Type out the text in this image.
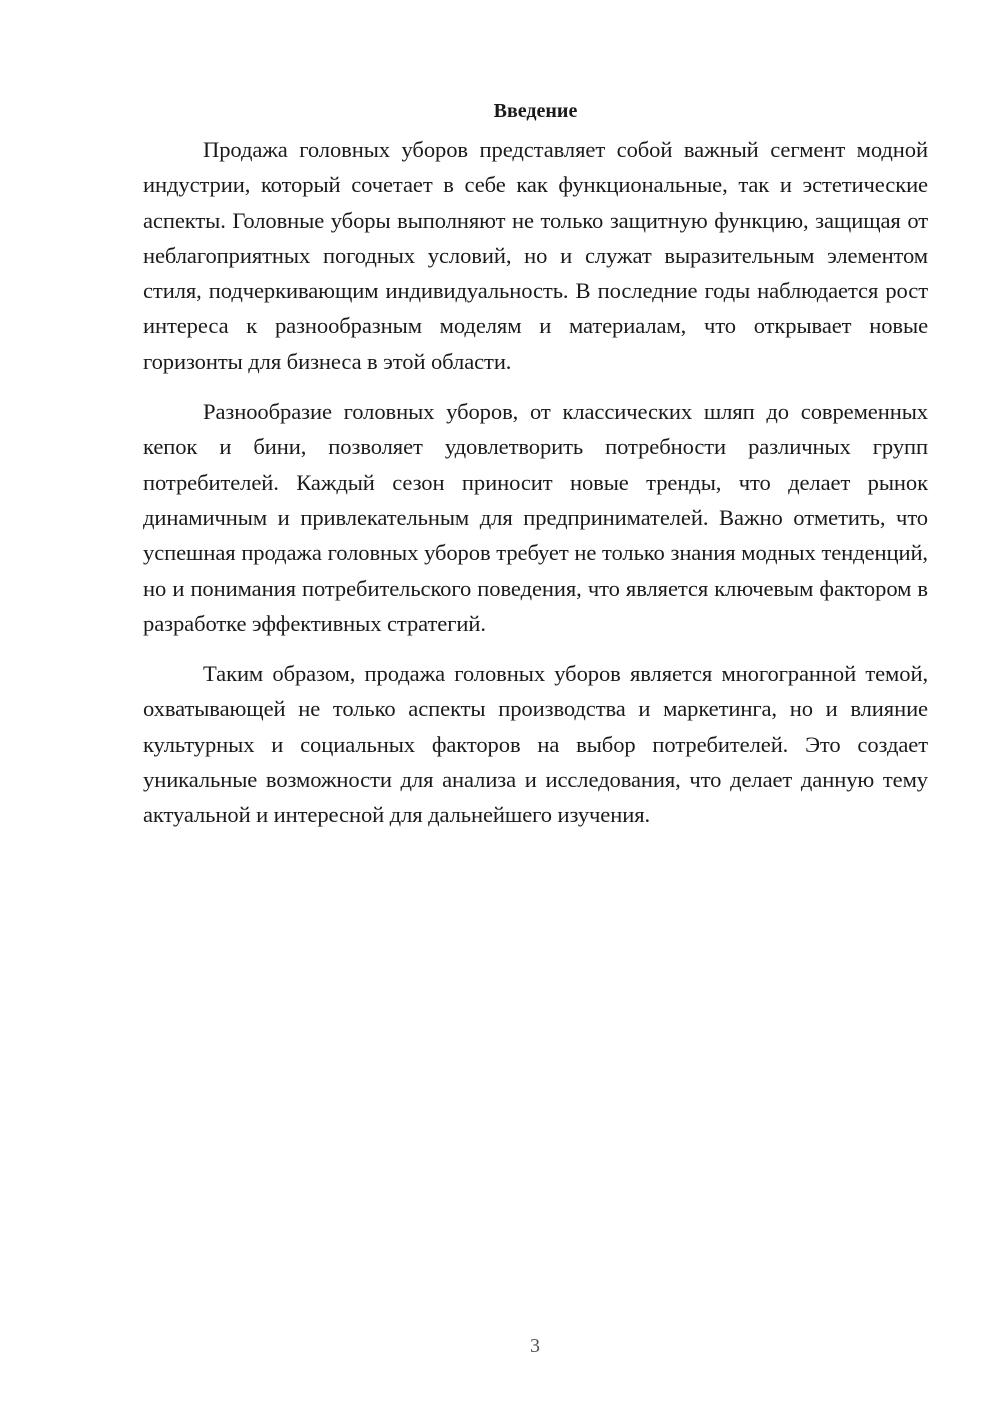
Введение

Продажа головных уборов представляет собой важный сегмент модной индустрии, который сочетает в себе как функциональные, так и эстетические аспекты. Головные уборы выполняют не только защитную функцию, защищая от неблагоприятных погодных условий, но и служат выразительным элементом стиля, подчеркивающим индивидуальность. В последние годы наблюдается рост интереса к разнообразным моделям и материалам, что открывает новые горизонты для бизнеса в этой области.

Разнообразие головных уборов, от классических шляп до современных кепок и бини, позволяет удовлетворить потребности различных групп потребителей. Каждый сезон приносит новые тренды, что делает рынок динамичным и привлекательным для предпринимателей. Важно отметить, что успешная продажа головных уборов требует не только знания модных тенденций, но и понимания потребительского поведения, что является ключевым фактором в разработке эффективных стратегий.

Таким образом, продажа головных уборов является многогранной темой, охватывающей не только аспекты производства и маркетинга, но и влияние культурных и социальных факторов на выбор потребителей. Это создает уникальные возможности для анализа и исследования, что делает данную тему актуальной и интересной для дальнейшего изучения.

3
